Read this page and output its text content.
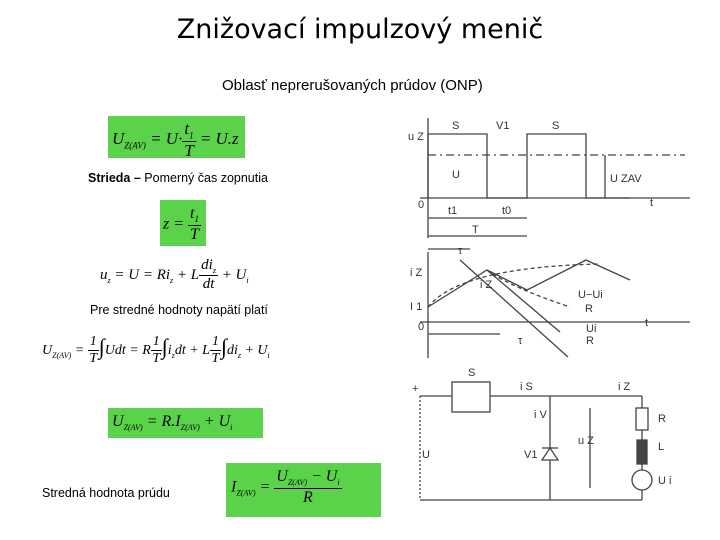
Znižovací impulzový menič
Oblasť neprerušovaných prúdov (ONP)
$U_{Z(AV)} = U\cdot \frac{t_1}{T} = U.z$
Strieda – Pomerný čas zopnutia
$z = \frac{t_1}{T}$
$u_z = U = Ri_z + L \frac{di_z}{dt} + U_i$
Pre stredné hodnoty napätí platí
$U_{Z(AV)} = \frac{1}{T} \int Udt = R \frac{1}{T} \int i_zdt + L \frac{1}{T} \int di_z + U_i$
$U_{Z(AV)} = R.I_{Z(AV)} + U_i$
Stredná hodnota prúdu	$I_{Z(AV)} = \frac{U_{Z(AV)} - U_i}{R}$
u Z
S	V1	S
U	U ZAV
0 t1	t0
t
T
τ
i Z
i Z
U−Ui
R
I 1
0	t
Ui
R
τ
+
S
i S	i Z
i V	R
U
u Z
V1
L
U i
